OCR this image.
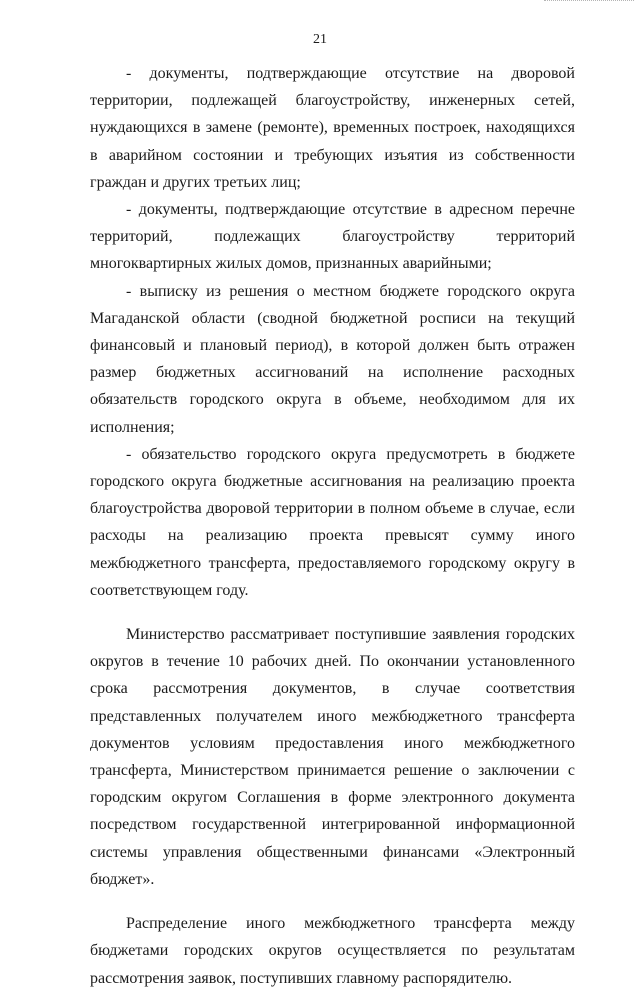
21

- документы, подтверждающие отсутствие на дворовой территории, подлежащей благоустройству, инженерных сетей, нуждающихся в замене (ремонте), временных построек, находящихся в аварийном состоянии и требующих изъятия из собственности граждан и других третьих лиц;

- документы, подтверждающие отсутствие в адресном перечне территорий, подлежащих благоустройству территорий многоквартирных жилых домов, признанных аварийными;

- выписку из решения о местном бюджете городского округа Магаданской области (сводной бюджетной росписи на текущий финансовый и плановый период), в которой должен быть отражен размер бюджетных ассигнований на исполнение расходных обязательств городского округа в объеме, необходимом для их исполнения;

- обязательство городского округа предусмотреть в бюджете городского округа бюджетные ассигнования на реализацию проекта благоустройства дворовой территории в полном объеме в случае, если расходы на реализацию проекта превысят сумму иного межбюджетного трансферта, предоставляемого городскому округу в соответствующем году.

Министерство рассматривает поступившие заявления городских округов в течение 10 рабочих дней. По окончании установленного срока рассмотрения документов, в случае соответствия представленных получателем иного межбюджетного трансферта документов условиям предоставления иного межбюджетного трансферта, Министерством принимается решение о заключении с городским округом Соглашения в форме электронного документа посредством государственной интегрированной информационной системы управления общественными финансами «Электронный бюджет».

Распределение иного межбюджетного трансферта между бюджетами городских округов осуществляется по результатам рассмотрения заявок, поступивших главному распорядителю.
